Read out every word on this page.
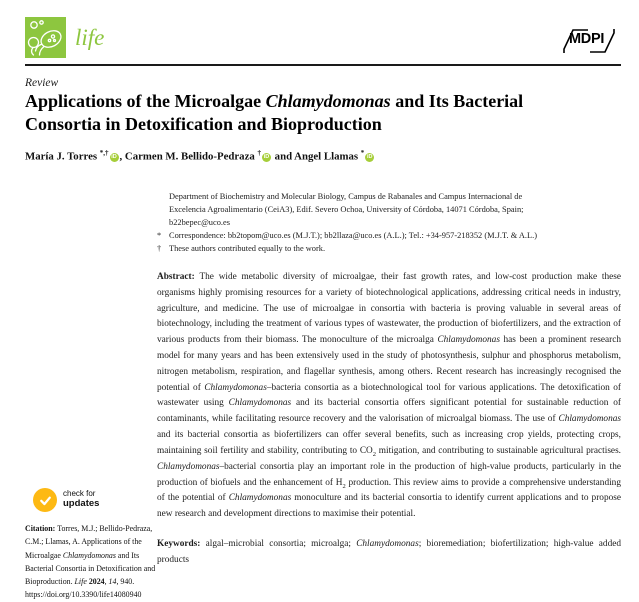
life	MDPI
Review
Applications of the Microalgae Chlamydomonas and Its Bacterial
Consortia in Detoxification and Bioproduction
María J. Torres *,† iD , Carmen M. Bellido-Pedraza † iD and Angel Llamas * iD
Department of Biochemistry and Molecular Biology, Campus de Rabanales and Campus Internacional de
Excelencia Agroalimentario (CeiA3), Edif. Severo Ochoa, University of Córdoba, 14071 Córdoba, Spain;
b22bepec@uco.es
* Correspondence: bb2topom@uco.es (M.J.T.); bb2llaza@uco.es (A.L.); Tel.: +34-957-218352 (M.J.T. & A.L.)
† These authors contributed equally to the work.

Abstract: The wide metabolic diversity of microalgae, their fast growth rates, and low-cost production make these organisms highly promising resources for a variety of biotechnological applications, addressing critical needs in industry, agriculture, and medicine. The use of microalgae in consortia with bacteria is proving valuable in several areas of biotechnology, including the treatment of various types of wastewater, the production of biofertilizers, and the extraction of various products from their biomass. The monoculture of the microalga Chlamydomonas has been a prominent research model for many years and has been extensively used in the study of photosynthesis, sulphur and phosphorus metabolism, nitrogen metabolism, respiration, and flagellar synthesis, among others. Recent research has increasingly recognised the potential of Chlamydomonas–bacteria consortia as a biotechnological tool for various applications. The detoxification of wastewater using Chlamydomonas and its bacterial consortia offers significant potential for sustainable reduction of contaminants, while facilitating resource recovery and the valorisation of microalgal biomass. The use of Chlamydomonas and its bacterial consortia as biofertilizers can offer several benefits, such as increasing crop yields, protecting crops, maintaining soil fertility and stability, contributing to $CO_2$ mitigation, and contributing to sustainable agricultural practises. Chlamydomonas–bacterial consortia play an important role in the production of high-value products, particularly in the production of biofuels and the enhancement of $H_2$ production. This review aims to provide a comprehensive understanding of the potential of Chlamydomonas monoculture and its bacterial consortia to identify current applications and to propose new research and development directions to maximise their potential.

Keywords: algal–microbial consortia; microalga; Chlamydomonas; bioremediation; biofertilization; high-value added products

check for
updates

Citation: Torres, M.J.; Bellido-Pedraza, C.M.; Llamas, A. Applications of the Microalgae Chlamydomonas and Its Bacterial Consortia in Detoxification and Bioproduction. Life 2024, 14, 940. https://doi.org/10.3390/life14080940
